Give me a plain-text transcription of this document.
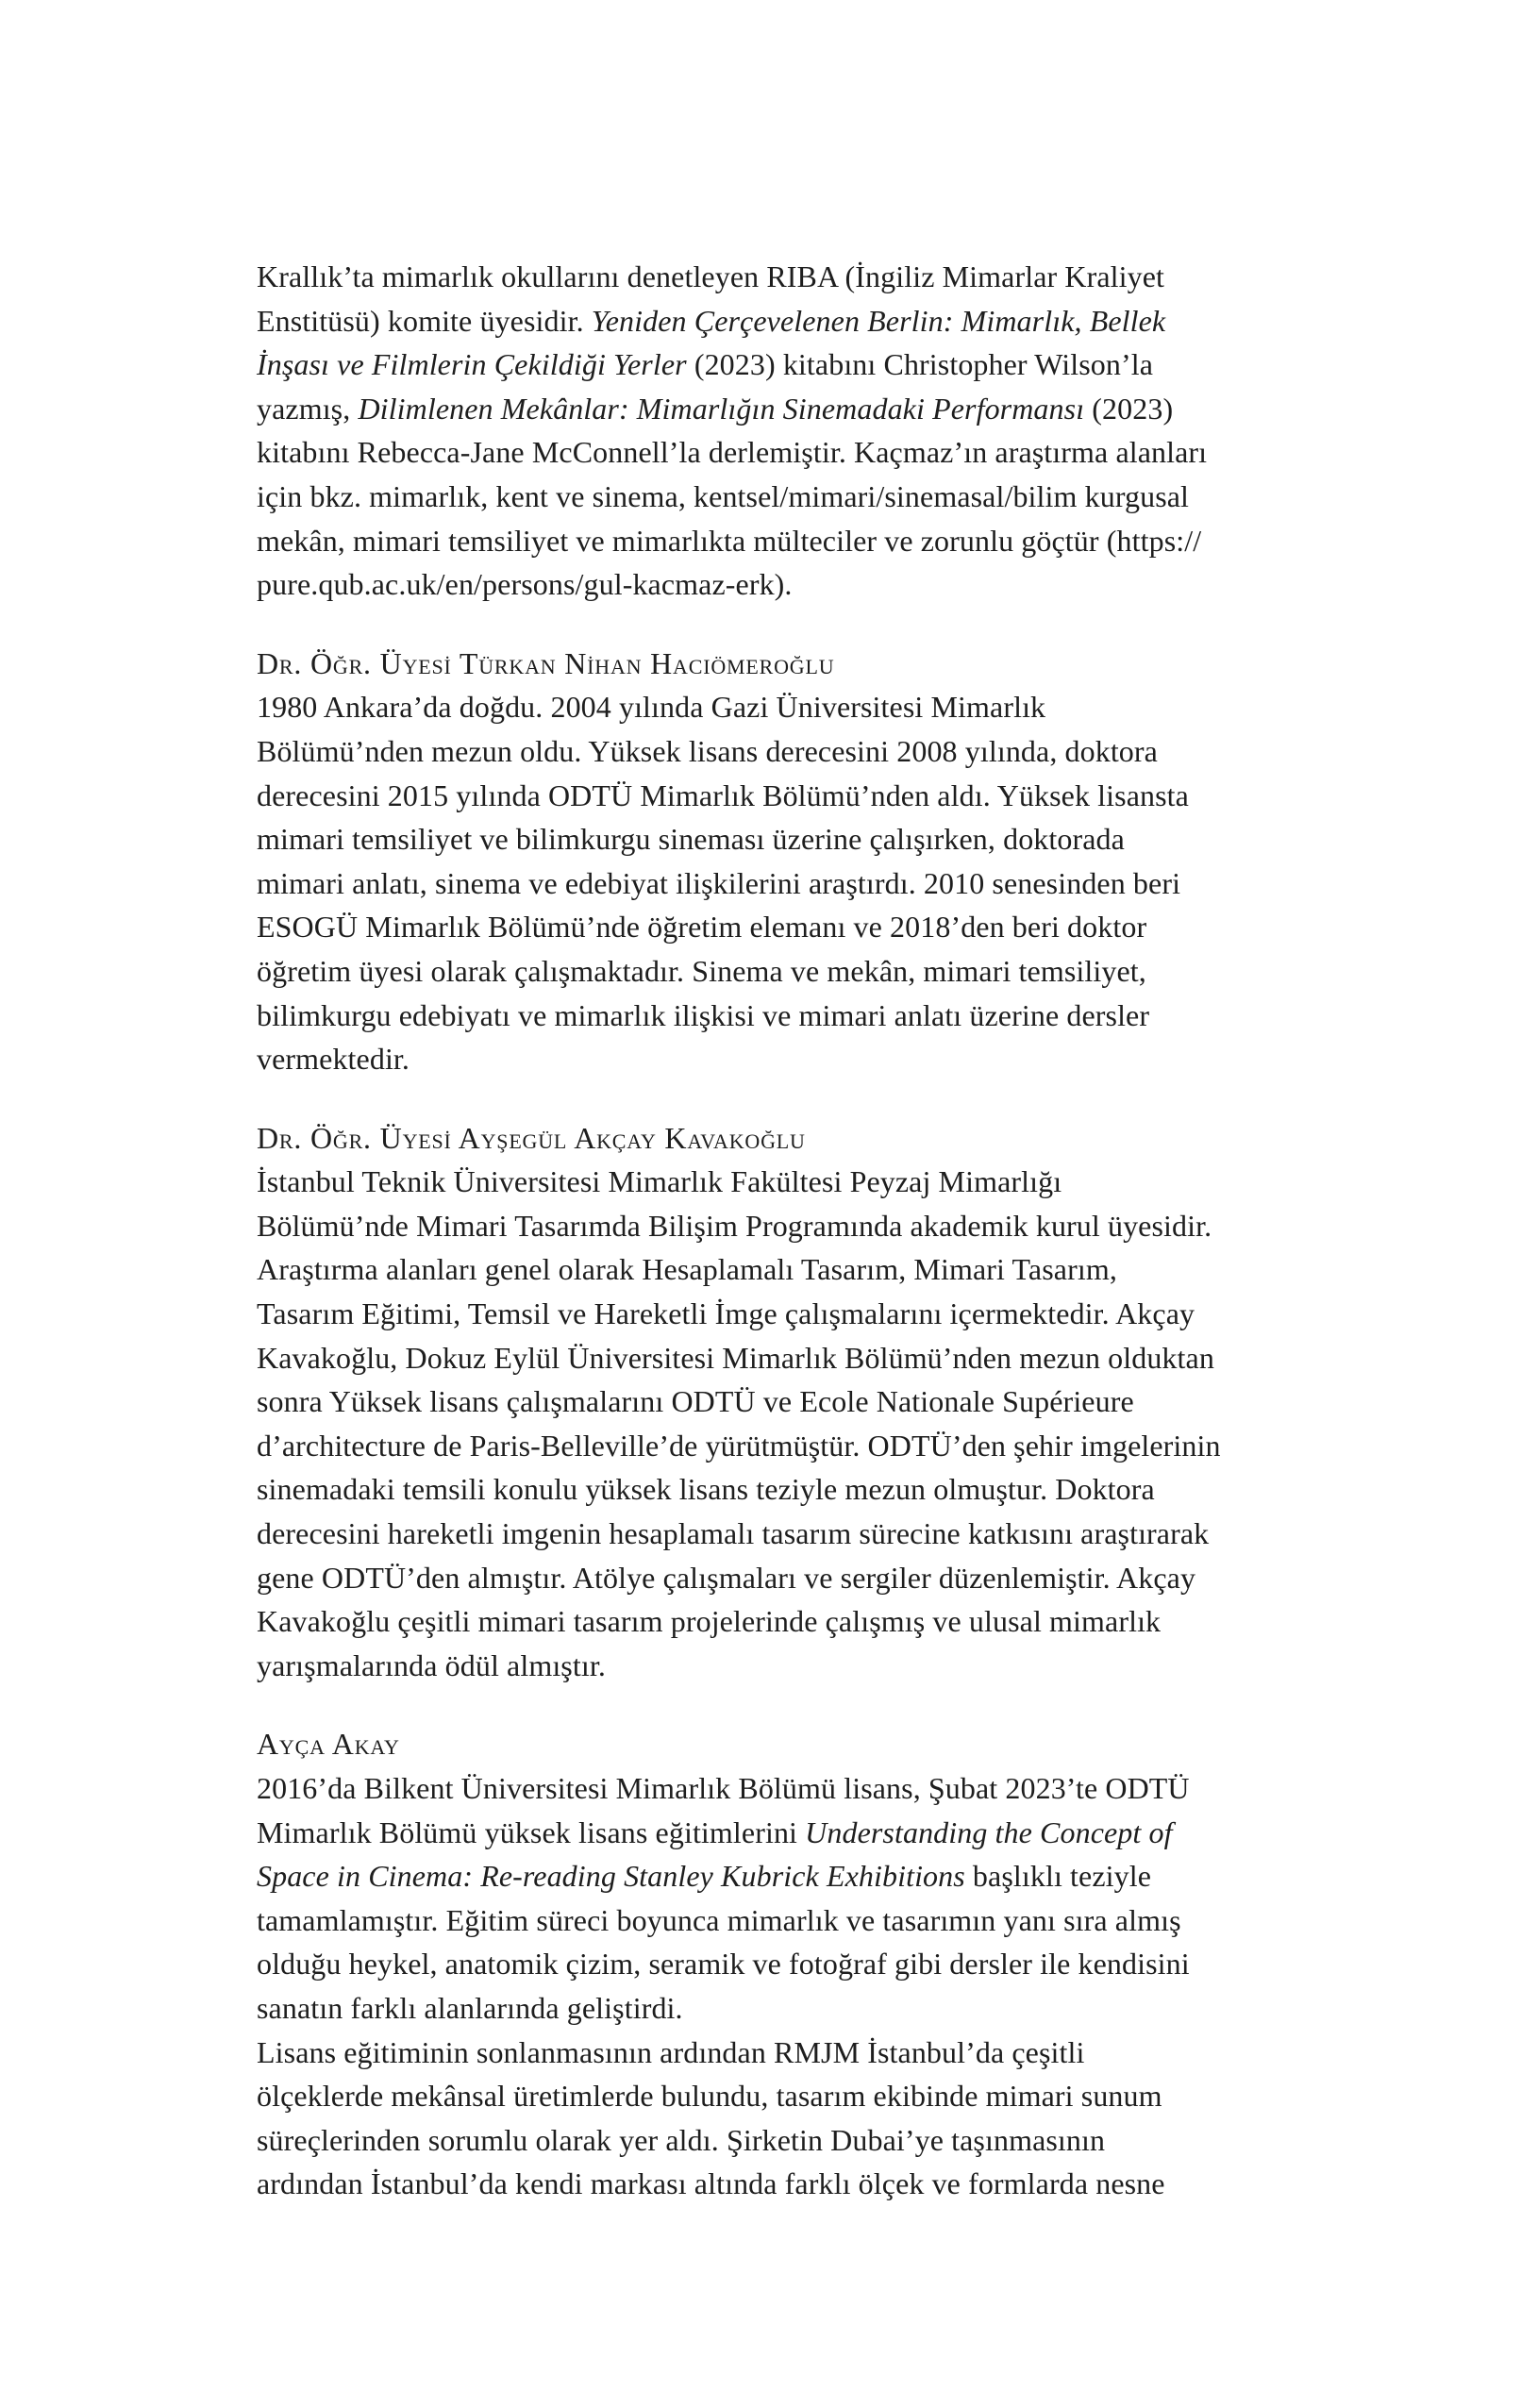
Krallık’ta mimarlık okullarını denetleyen RIBA (İngiliz Mimarlar Kraliyet
Enstitüsü) komite üyesidir. Yeniden Çerçevelenen Berlin: Mimarlık, Bellek
İnşası ve Filmlerin Çekildiği Yerler (2023) kitabını Christopher Wilson’la
yazmış, Dilimlenen Mekânlar: Mimarlığın Sinemadaki Performansı (2023)
kitabını Rebecca-Jane McConnell’la derlemiştir. Kaçmaz’ın araştırma alanları
için bkz. mimarlık, kent ve sinema, kentsel/mimari/sinemasal/bilim kurgusal
mekân, mimari temsiliyet ve mimarlıkta mülteciler ve zorunlu göçtür (https://
pure.qub.ac.uk/en/persons/gul-kacmaz-erk).
Dr. Öğr. Üyesi Türkan Nihan Hacıömeroğlu
1980 Ankara’da doğdu. 2004 yılında Gazi Üniversitesi Mimarlık
Bölümü’nden mezun oldu. Yüksek lisans derecesini 2008 yılında, doktora
derecesini 2015 yılında ODTÜ Mimarlık Bölümü’nden aldı. Yüksek lisansta
mimari temsiliyet ve bilimkurgu sineması üzerine çalışırken, doktorada
mimari anlatı, sinema ve edebiyat ilişkilerini araştırdı. 2010 senesinden beri
ESOGÜ Mimarlık Bölümü’nde öğretim elemanı ve 2018’den beri doktor
öğretim üyesi olarak çalışmaktadır. Sinema ve mekân, mimari temsiliyet,
bilimkurgu edebiyatı ve mimarlık ilişkisi ve mimari anlatı üzerine dersler
vermektedir.
Dr. Öğr. Üyesi Ayşegül Akçay Kavakoğlu
İstanbul Teknik Üniversitesi Mimarlık Fakültesi Peyzaj Mimarlığı
Bölümü’nde Mimari Tasarımda Bilişim Programında akademik kurul üyesidir.
Araştırma alanları genel olarak Hesaplamalı Tasarım, Mimari Tasarım,
Tasarım Eğitimi, Temsil ve Hareketli İmge çalışmalarını içermektedir. Akçay
Kavakoğlu, Dokuz Eylül Üniversitesi Mimarlık Bölümü’nden mezun olduktan
sonra Yüksek lisans çalışmalarını ODTÜ ve Ecole Nationale Supérieure
d’architecture de Paris-Belleville’de yürütmüştür. ODTÜ’den şehir imgelerinin
sinemadaki temsili konulu yüksek lisans teziyle mezun olmuştur. Doktora
derecesini hareketli imgenin hesaplamalı tasarım sürecine katkısını araştırarak
gene ODTÜ’den almıştır. Atölye çalışmaları ve sergiler düzenlemiştir. Akçay
Kavakoğlu çeşitli mimari tasarım projelerinde çalışmış ve ulusal mimarlık
yarışmalarında ödül almıştır.
Ayça Akay
2016’da Bilkent Üniversitesi Mimarlık Bölümü lisans, Şubat 2023’te ODTÜ
Mimarlık Bölümü yüksek lisans eğitimlerini Understanding the Concept of
Space in Cinema: Re-reading Stanley Kubrick Exhibitions başlıklı teziyle
tamamlamıştır. Eğitim süreci boyunca mimarlık ve tasarımın yanı sıra almış
olduğu heykel, anatomik çizim, seramik ve fotoğraf gibi dersler ile kendisini
sanatın farklı alanlarında geliştirdi.
Lisans eğitiminin sonlanmasının ardından RMJM İstanbul’da çeşitli
ölçeklerde mekânsal üretimlerde bulundu, tasarım ekibinde mimari sunum
süreçlerinden sorumlu olarak yer aldı. Şirketin Dubai’ye taşınmasının
ardından İstanbul’da kendi markası altında farklı ölçek ve formlarda nesne
